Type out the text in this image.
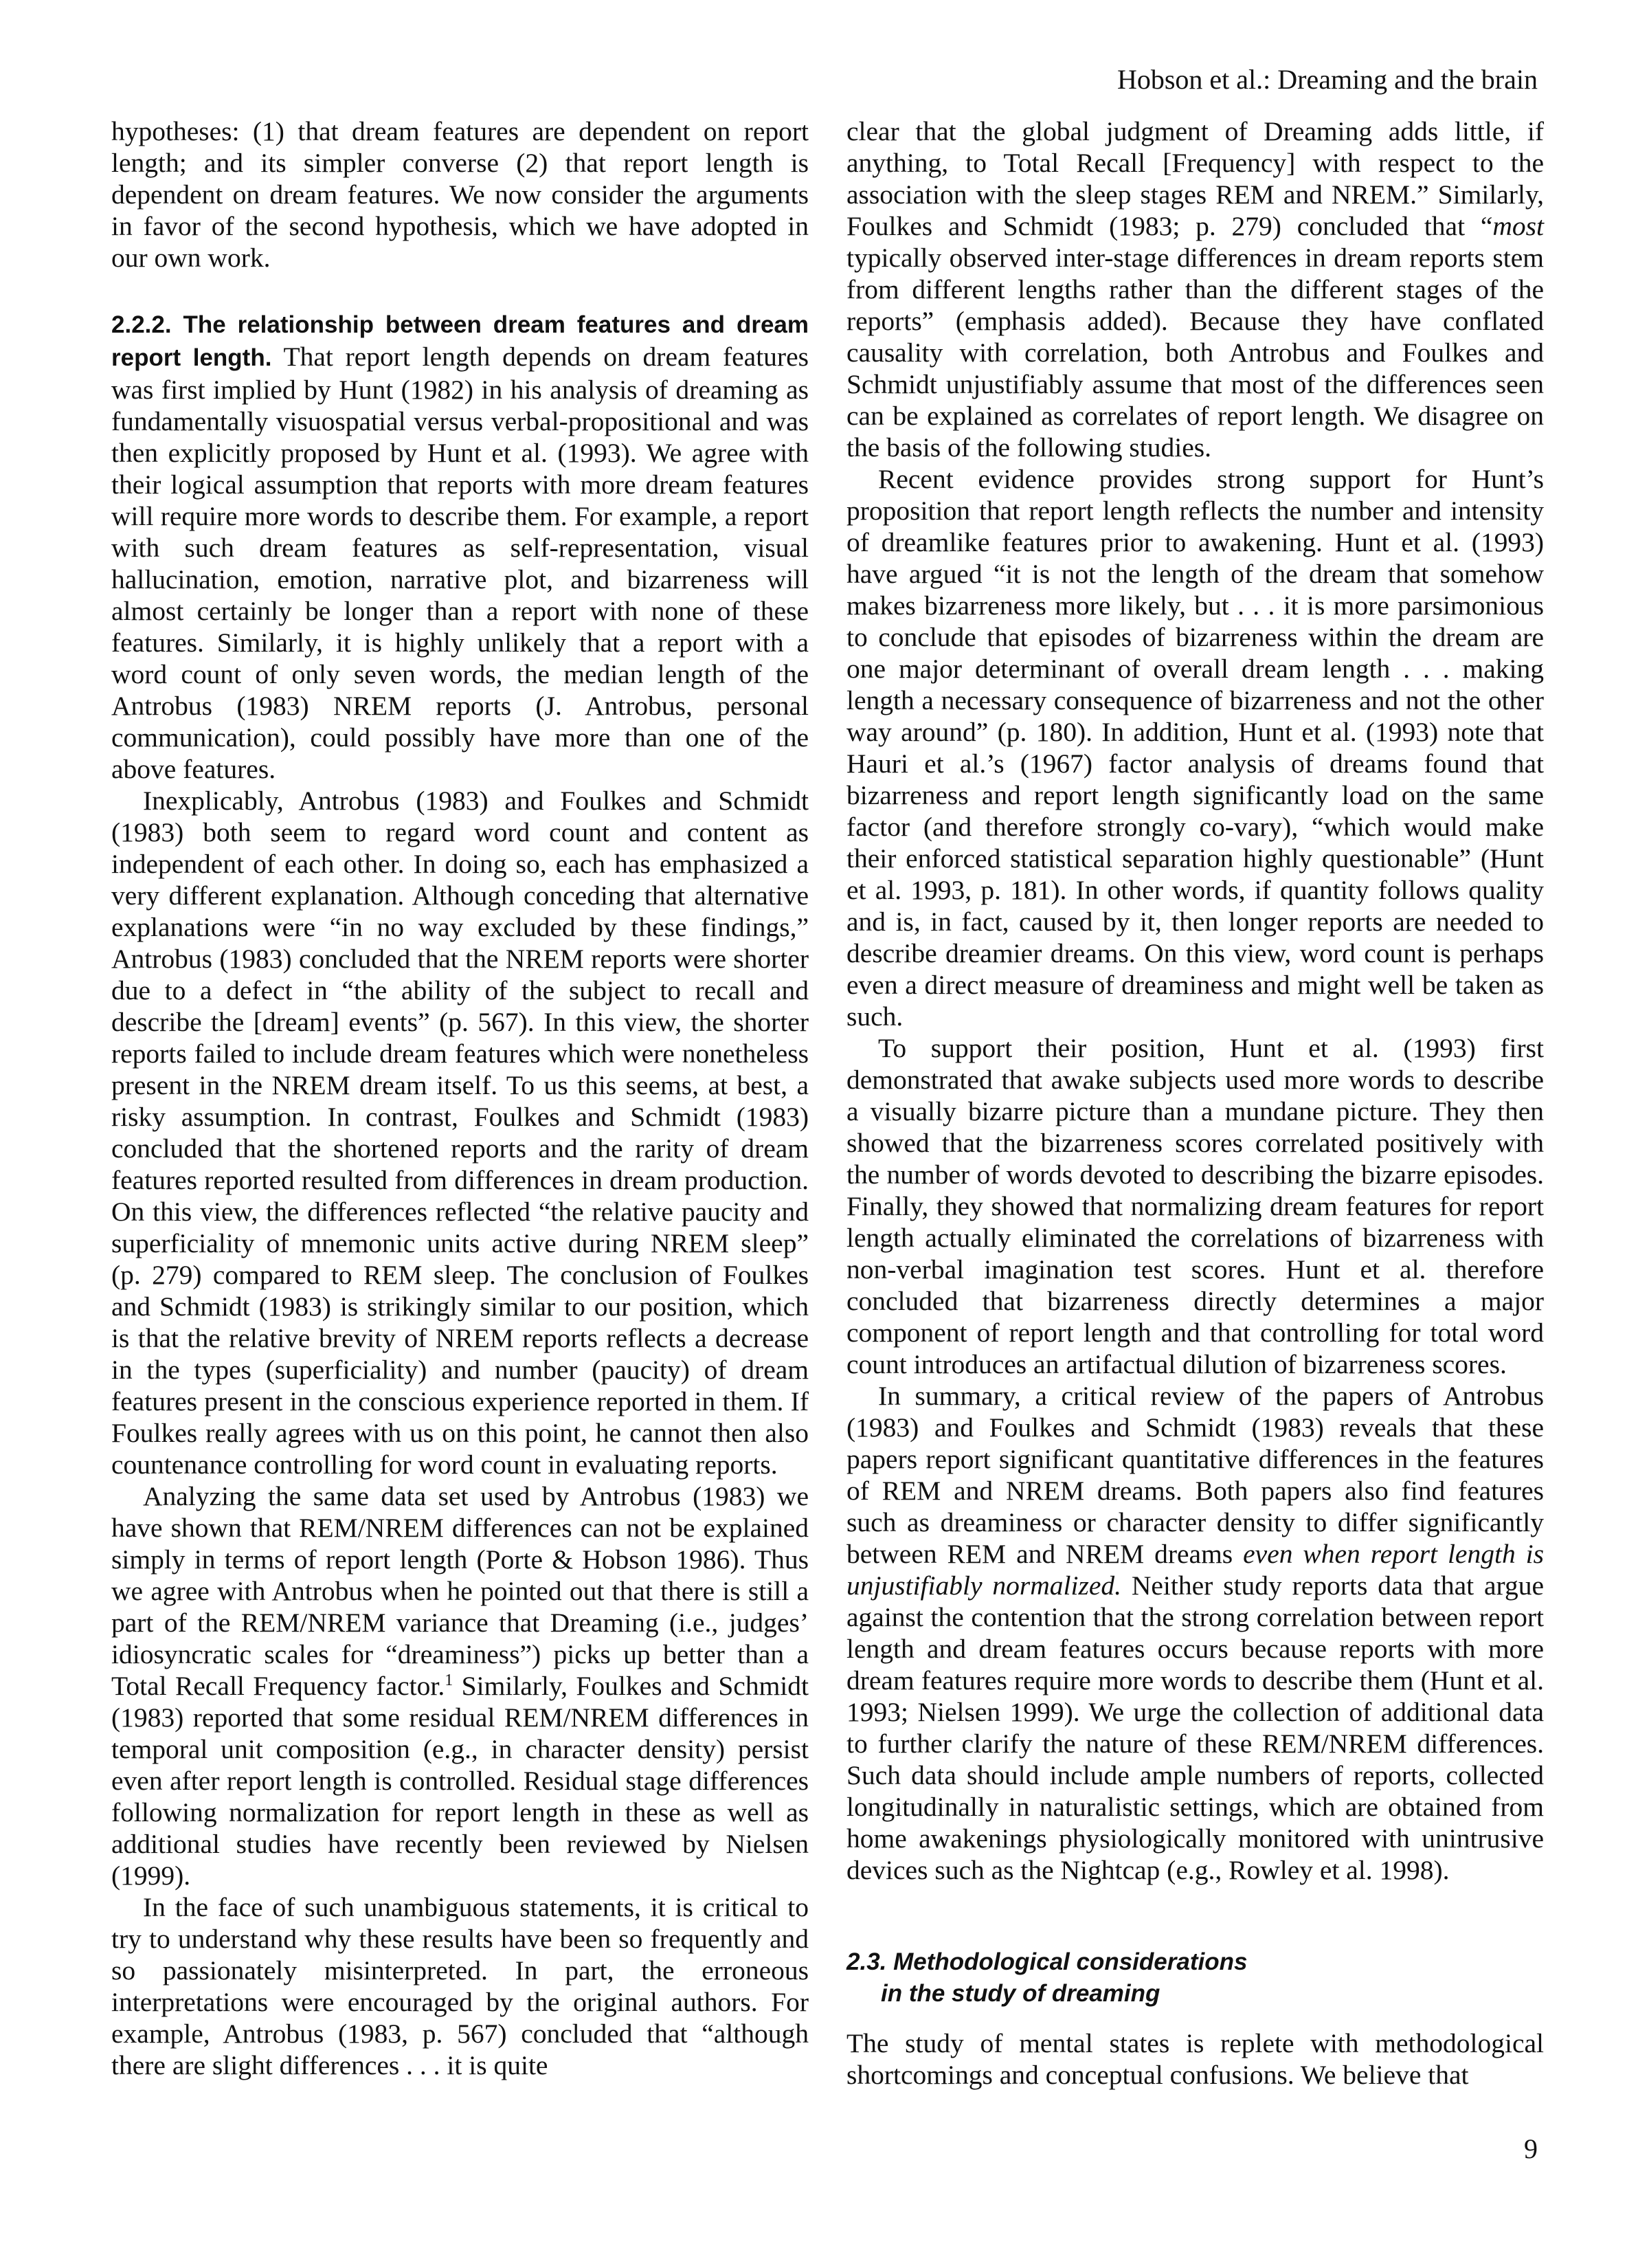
Hobson et al.: Dreaming and the brain

hypotheses: (1) that dream features are dependent on report length; and its simpler converse (2) that report length is dependent on dream features. We now consider the arguments in favor of the second hypothesis, which we have adopted in our own work.

2.2.2. The relationship between dream features and dream report length. That report length depends on dream features was first implied by Hunt (1982) in his analysis of dreaming as fundamentally visuospatial versus verbal-propositional and was then explicitly proposed by Hunt et al. (1993). We agree with their logical assumption that reports with more dream features will require more words to describe them. For example, a report with such dream features as self-representation, visual hallucination, emotion, narrative plot, and bizarreness will almost certainly be longer than a report with none of these features. Similarly, it is highly unlikely that a report with a word count of only seven words, the median length of the Antrobus (1983) NREM reports (J. Antrobus, personal communication), could possibly have more than one of the above features.

Inexplicably, Antrobus (1983) and Foulkes and Schmidt (1983) both seem to regard word count and content as independent of each other. In doing so, each has emphasized a very different explanation. Although conceding that alternative explanations were “in no way excluded by these findings,” Antrobus (1983) concluded that the NREM reports were shorter due to a defect in “the ability of the subject to recall and describe the [dream] events” (p. 567). In this view, the shorter reports failed to include dream features which were nonetheless present in the NREM dream itself. To us this seems, at best, a risky assumption. In contrast, Foulkes and Schmidt (1983) concluded that the shortened reports and the rarity of dream features reported resulted from differences in dream production. On this view, the differences reflected “the relative paucity and superficiality of mnemonic units active during NREM sleep” (p. 279) compared to REM sleep. The conclusion of Foulkes and Schmidt (1983) is strikingly similar to our position, which is that the relative brevity of NREM reports reflects a decrease in the types (superficiality) and number (paucity) of dream features present in the conscious experience reported in them. If Foulkes really agrees with us on this point, he cannot then also countenance controlling for word count in evaluating reports.

Analyzing the same data set used by Antrobus (1983) we have shown that REM/NREM differences can not be explained simply in terms of report length (Porte & Hobson 1986). Thus we agree with Antrobus when he pointed out that there is still a part of the REM/NREM variance that Dreaming (i.e., judges’ idiosyncratic scales for “dreaminess”) picks up better than a Total Recall Frequency factor.$^1$ Similarly, Foulkes and Schmidt (1983) reported that some residual REM/NREM differences in temporal unit composition (e.g., in character density) persist even after report length is controlled. Residual stage differences following normalization for report length in these as well as additional studies have recently been reviewed by Nielsen (1999).

In the face of such unambiguous statements, it is critical to try to understand why these results have been so frequently and so passionately misinterpreted. In part, the erroneous interpretations were encouraged by the original authors. For example, Antrobus (1983, p. 567) concluded that “although there are slight differences . . . it is quite

clear that the global judgment of Dreaming adds little, if anything, to Total Recall [Frequency] with respect to the association with the sleep stages REM and NREM.” Similarly, Foulkes and Schmidt (1983; p. 279) concluded that “most typically observed inter-stage differences in dream reports stem from different lengths rather than the different stages of the reports” (emphasis added). Because they have conflated causality with correlation, both Antrobus and Foulkes and Schmidt unjustifiably assume that most of the differences seen can be explained as correlates of report length. We disagree on the basis of the following studies.

Recent evidence provides strong support for Hunt’s proposition that report length reflects the number and intensity of dreamlike features prior to awakening. Hunt et al. (1993) have argued “it is not the length of the dream that somehow makes bizarreness more likely, but . . . it is more parsimonious to conclude that episodes of bizarreness within the dream are one major determinant of overall dream length . . . making length a necessary consequence of bizarreness and not the other way around” (p. 180). In addition, Hunt et al. (1993) note that Hauri et al.’s (1967) factor analysis of dreams found that bizarreness and report length significantly load on the same factor (and therefore strongly co-vary), “which would make their enforced statistical separation highly questionable” (Hunt et al. 1993, p. 181). In other words, if quantity follows quality and is, in fact, caused by it, then longer reports are needed to describe dreamier dreams. On this view, word count is perhaps even a direct measure of dreaminess and might well be taken as such.

To support their position, Hunt et al. (1993) first demonstrated that awake subjects used more words to describe a visually bizarre picture than a mundane picture. They then showed that the bizarreness scores correlated positively with the number of words devoted to describing the bizarre episodes. Finally, they showed that normalizing dream features for report length actually eliminated the correlations of bizarreness with non-verbal imagination test scores. Hunt et al. therefore concluded that bizarreness directly determines a major component of report length and that controlling for total word count introduces an artifactual dilution of bizarreness scores.

In summary, a critical review of the papers of Antrobus (1983) and Foulkes and Schmidt (1983) reveals that these papers report significant quantitative differences in the features of REM and NREM dreams. Both papers also find features such as dreaminess or character density to differ significantly between REM and NREM dreams even when report length is unjustifiably normalized. Neither study reports data that argue against the contention that the strong correlation between report length and dream features occurs because reports with more dream features require more words to describe them (Hunt et al. 1993; Nielsen 1999). We urge the collection of additional data to further clarify the nature of these REM/NREM differences. Such data should include ample numbers of reports, collected longitudinally in naturalistic settings, which are obtained from home awakenings physiologically monitored with unintrusive devices such as the Nightcap (e.g., Rowley et al. 1998).

2.3. Methodological considerations
in the study of dreaming

The study of mental states is replete with methodological shortcomings and conceptual confusions. We believe that

9
